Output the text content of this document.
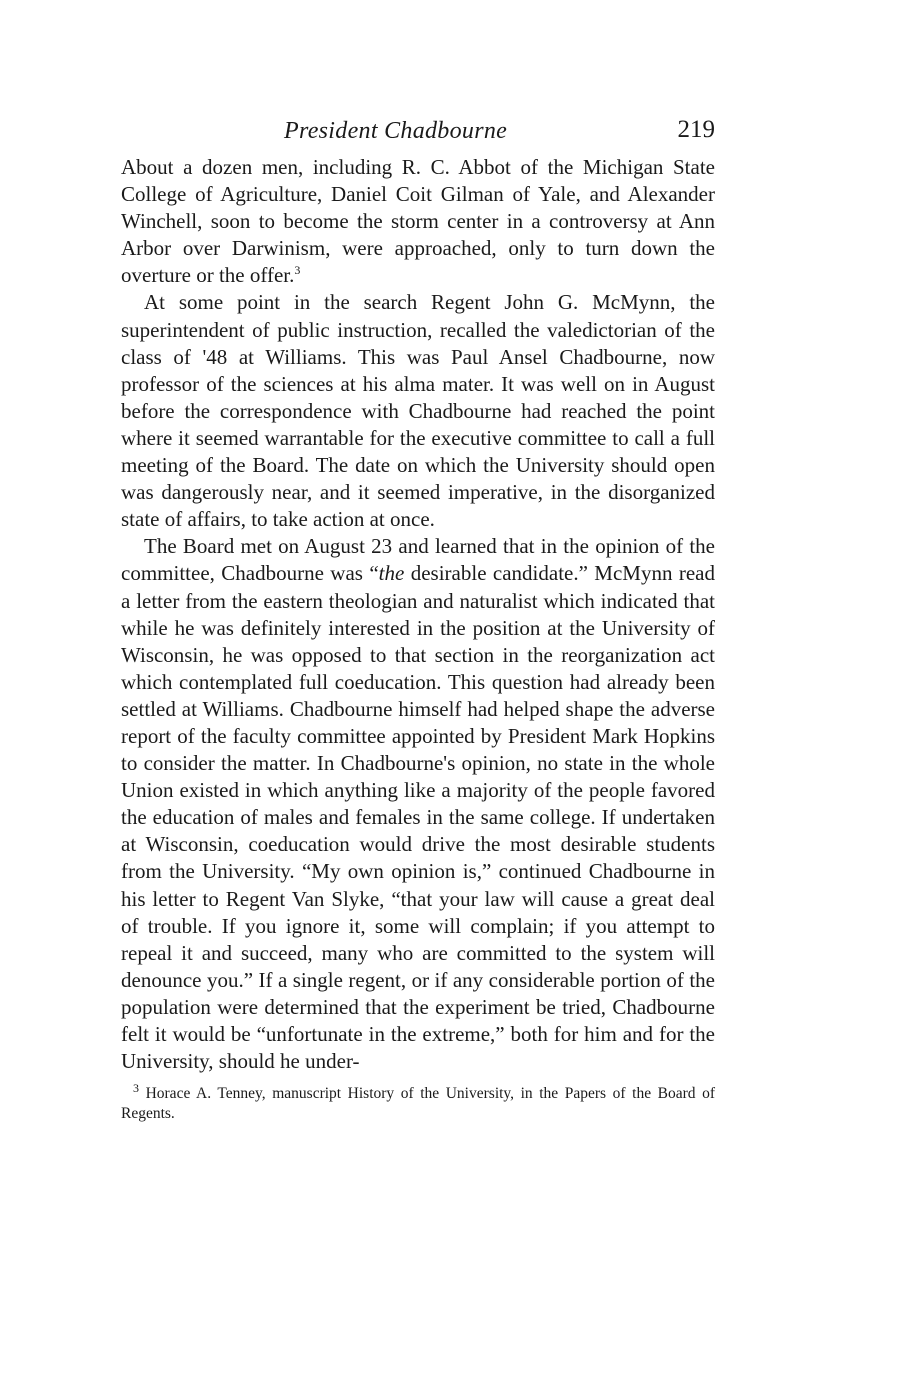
President Chadbourne	219

About a dozen men, including R. C. Abbot of the Michigan State College of Agriculture, Daniel Coit Gilman of Yale, and Alexander Winchell, soon to become the storm center in a controversy at Ann Arbor over Darwinism, were approached, only to turn down the overture or the offer.$^3$

At some point in the search Regent John G. McMynn, the superintendent of public instruction, recalled the valedictorian of the class of '48 at Williams. This was Paul Ansel Chadbourne, now professor of the sciences at his alma mater. It was well on in August before the correspondence with Chadbourne had reached the point where it seemed warrantable for the executive committee to call a full meeting of the Board. The date on which the University should open was dangerously near, and it seemed imperative, in the disorganized state of affairs, to take action at once.

The Board met on August 23 and learned that in the opinion of the committee, Chadbourne was “the desirable candidate.” McMynn read a letter from the eastern theologian and naturalist which indicated that while he was definitely interested in the position at the University of Wisconsin, he was opposed to that section in the reorganization act which contemplated full coeducation. This question had already been settled at Williams. Chadbourne himself had helped shape the adverse report of the faculty committee appointed by President Mark Hopkins to consider the matter. In Chadbourne's opinion, no state in the whole Union existed in which anything like a majority of the people favored the education of males and females in the same college. If undertaken at Wisconsin, coeducation would drive the most desirable students from the University. “My own opinion is,” continued Chadbourne in his letter to Regent Van Slyke, “that your law will cause a great deal of trouble. If you ignore it, some will complain; if you attempt to repeal it and succeed, many who are committed to the system will denounce you.” If a single regent, or if any considerable portion of the population were determined that the experiment be tried, Chadbourne felt it would be “unfortunate in the extreme,” both for him and for the University, should he under-

$^3$ Horace A. Tenney, manuscript History of the University, in the Papers of the Board of Regents.
